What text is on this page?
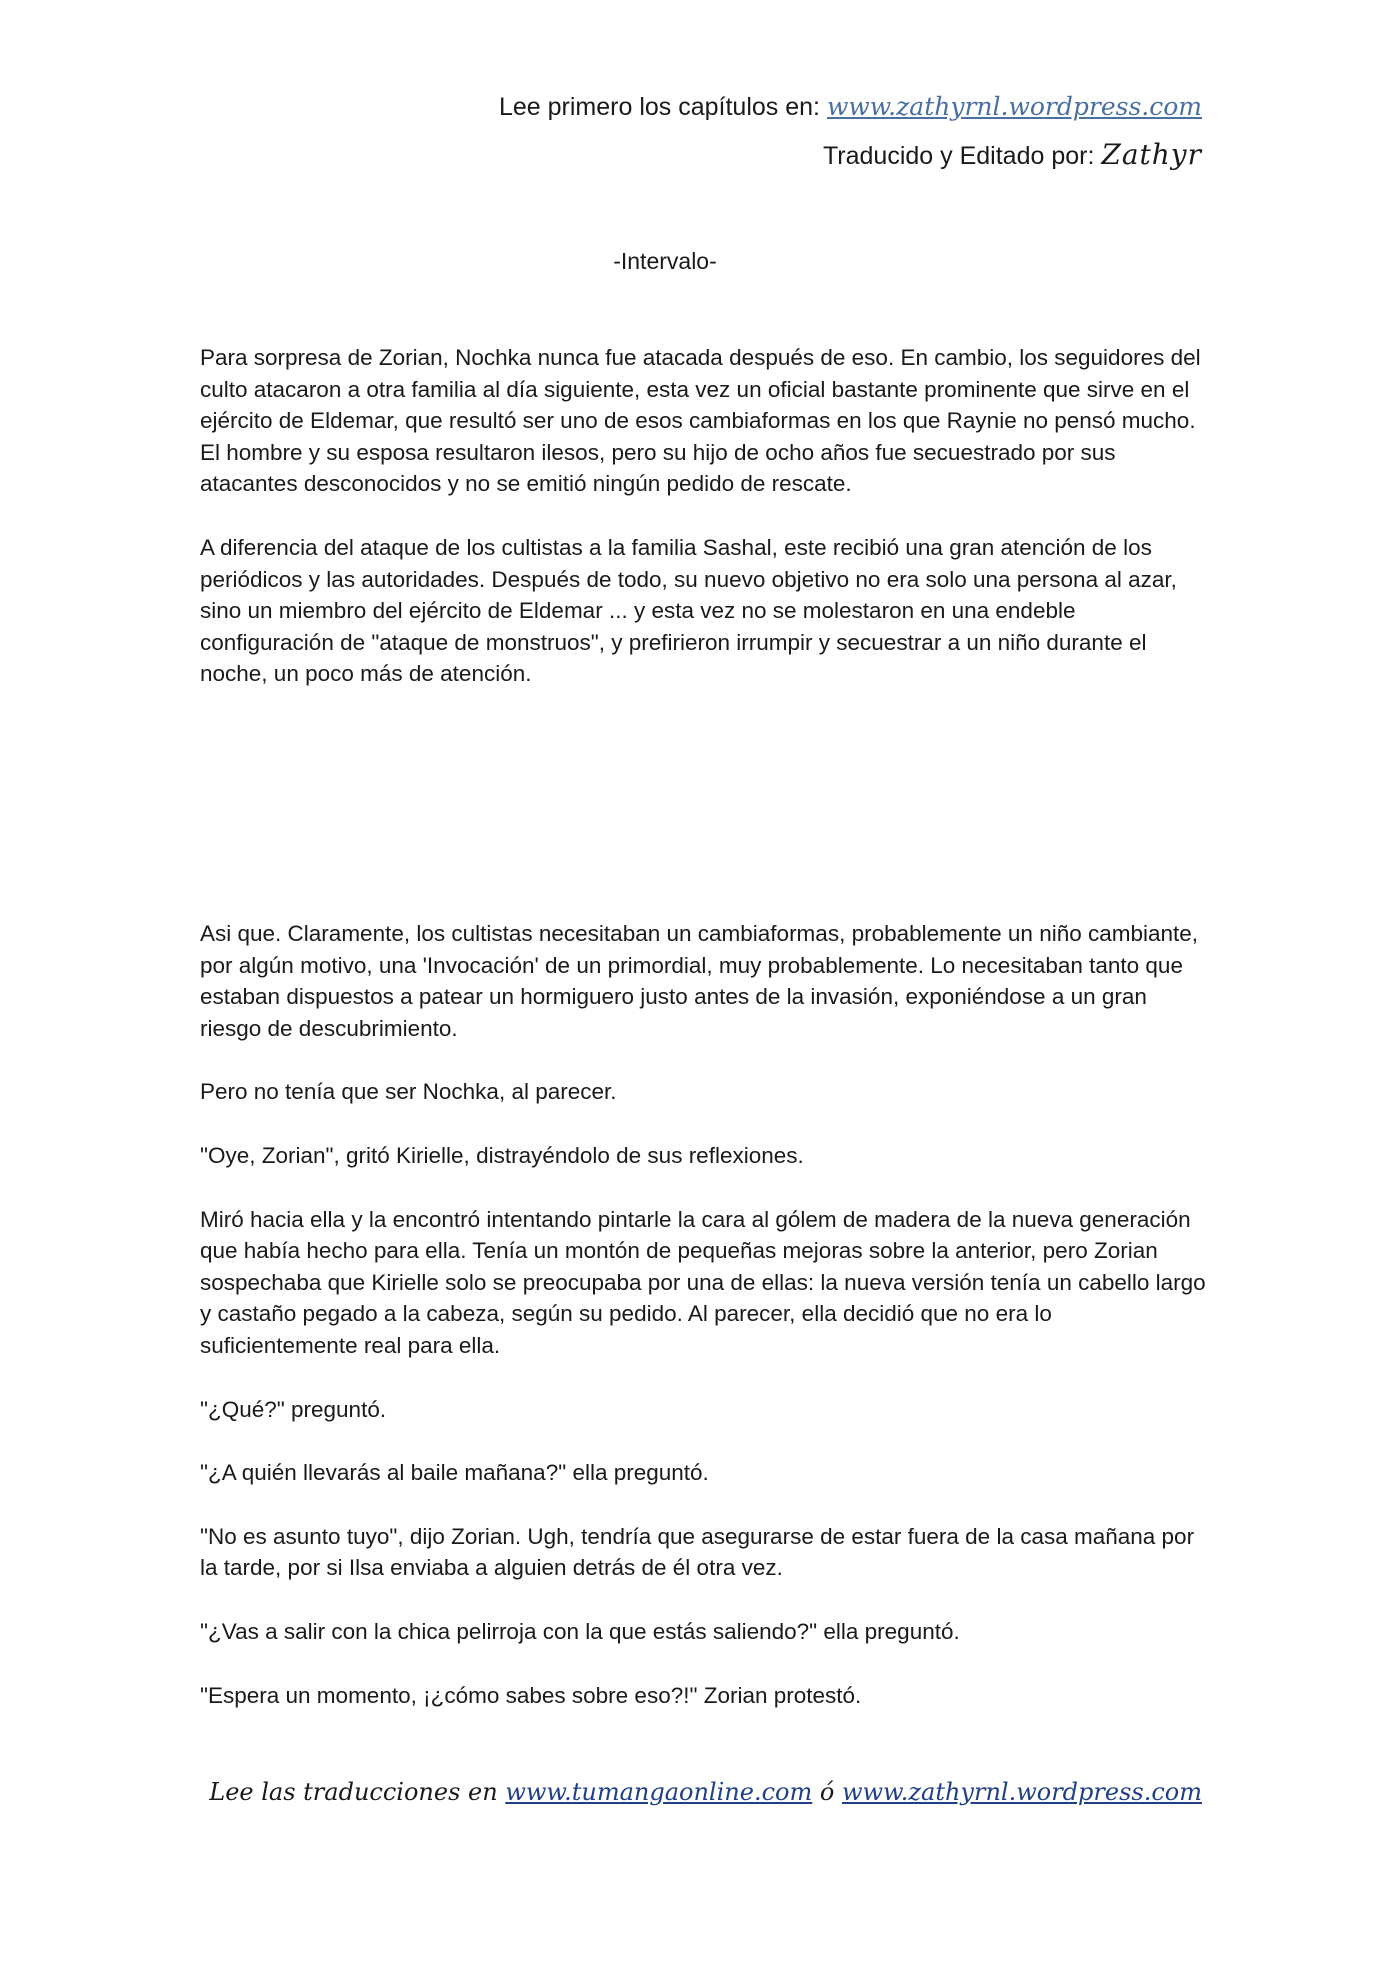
Lee primero los capítulos en: www.zathyrnl.wordpress.com
Traducido y Editado por: Zathyr
-Intervalo-

Para sorpresa de Zorian, Nochka nunca fue atacada después de eso. En cambio, los seguidores del culto atacaron a otra familia al día siguiente, esta vez un oficial bastante prominente que sirve en el ejército de Eldemar, que resultó ser uno de esos cambiaformas en los que Raynie no pensó mucho. El hombre y su esposa resultaron ilesos, pero su hijo de ocho años fue secuestrado por sus atacantes desconocidos y no se emitió ningún pedido de rescate.

A diferencia del ataque de los cultistas a la familia Sashal, este recibió una gran atención de los periódicos y las autoridades. Después de todo, su nuevo objetivo no era solo una persona al azar, sino un miembro del ejército de Eldemar ... y esta vez no se molestaron en una endeble configuración de "ataque de monstruos", y prefirieron irrumpir y secuestrar a un niño durante el noche, un poco más de atención.

Asi que. Claramente, los cultistas necesitaban un cambiaformas, probablemente un niño cambiante, por algún motivo, una 'Invocación' de un primordial, muy probablemente. Lo necesitaban tanto que estaban dispuestos a patear un hormiguero justo antes de la invasión, exponiéndose a un gran riesgo de descubrimiento.

Pero no tenía que ser Nochka, al parecer.

"Oye, Zorian", gritó Kirielle, distrayéndolo de sus reflexiones.

Miró hacia ella y la encontró intentando pintarle la cara al gólem de madera de la nueva generación que había hecho para ella. Tenía un montón de pequeñas mejoras sobre la anterior, pero Zorian sospechaba que Kirielle solo se preocupaba por una de ellas: la nueva versión tenía un cabello largo y castaño pegado a la cabeza, según su pedido. Al parecer, ella decidió que no era lo suficientemente real para ella.

"¿Qué?" preguntó.

"¿A quién llevarás al baile mañana?" ella preguntó.

"No es asunto tuyo", dijo Zorian. Ugh, tendría que asegurarse de estar fuera de la casa mañana por la tarde, por si Ilsa enviaba a alguien detrás de él otra vez.

"¿Vas a salir con la chica pelirroja con la que estás saliendo?" ella preguntó.

"Espera un momento, ¡¿cómo sabes sobre eso?!" Zorian protestó.

Lee las traducciones en www.tumangaonline.com ó www.zathyrnl.wordpress.com
